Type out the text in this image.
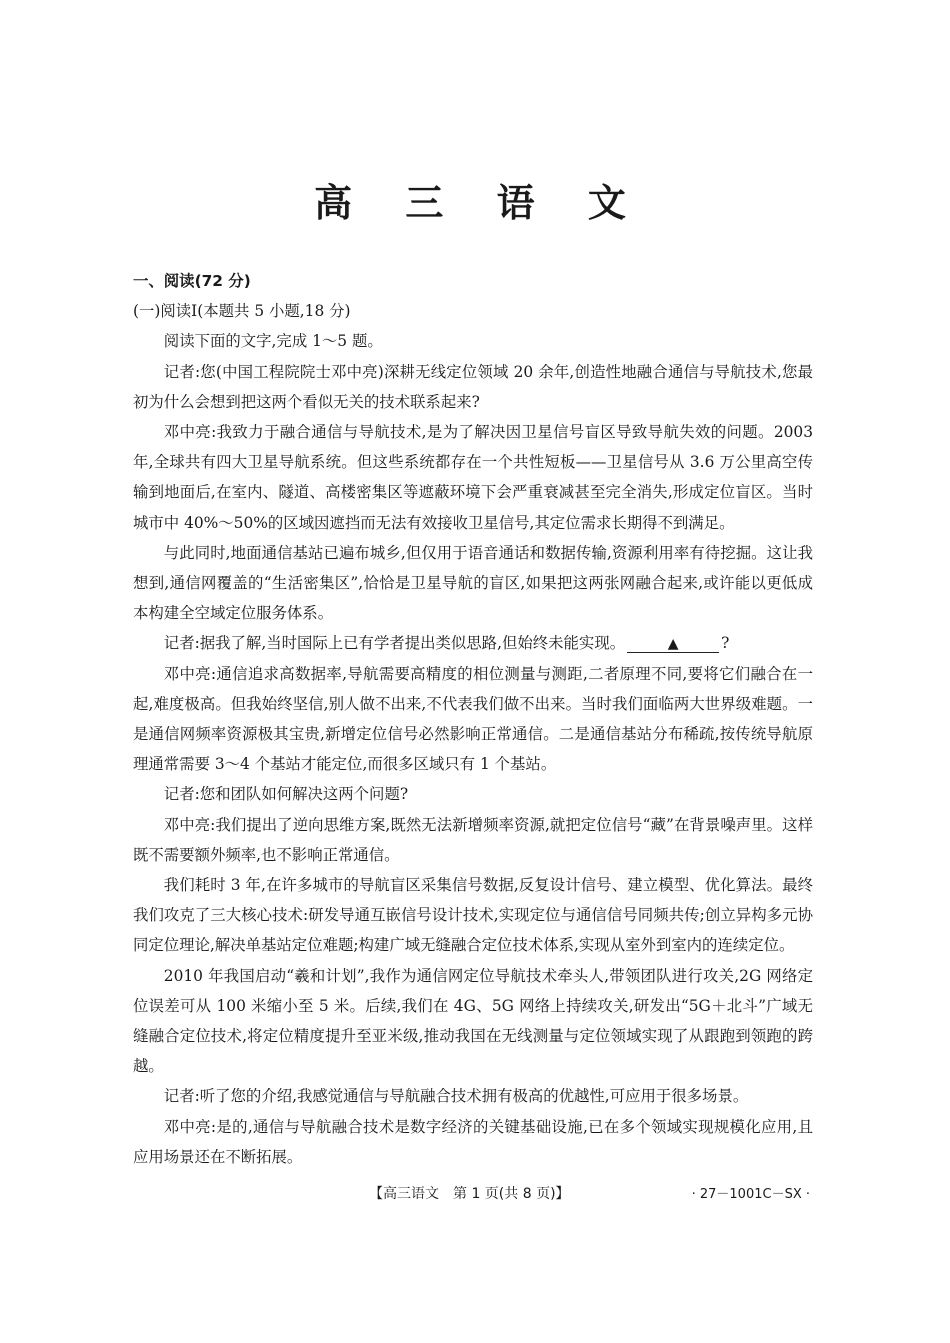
高 三 语 文

一、阅读(72 分)

(一)阅读Ⅰ(本题共 5 小题,18 分)

阅读下面的文字,完成 1～5 题。

记者:您(中国工程院院士邓中亮)深耕无线定位领域 20 余年,创造性地融合通信与导航技术,您最初为什么会想到把这两个看似无关的技术联系起来?

邓中亮:我致力于融合通信与导航技术,是为了解决因卫星信号盲区导致导航失效的问题。2003 年,全球共有四大卫星导航系统。但这些系统都存在一个共性短板——卫星信号从 3.6 万公里高空传输到地面后,在室内、隧道、高楼密集区等遮蔽环境下会严重衰减甚至完全消失,形成定位盲区。当时城市中 40%～50%的区域因遮挡而无法有效接收卫星信号,其定位需求长期得不到满足。

与此同时,地面通信基站已遍布城乡,但仅用于语音通话和数据传输,资源利用率有待挖掘。这让我想到,通信网覆盖的“生活密集区”,恰恰是卫星导航的盲区,如果把这两张网融合起来,或许能以更低成本构建全空域定位服务体系。

记者:据我了解,当时国际上已有学者提出类似思路,但始终未能实现。	▲	?

邓中亮:通信追求高数据率,导航需要高精度的相位测量与测距,二者原理不同,要将它们融合在一起,难度极高。但我始终坚信,别人做不出来,不代表我们做不出来。当时我们面临两大世界级难题。一是通信网频率资源极其宝贵,新增定位信号必然影响正常通信。二是通信基站分布稀疏,按传统导航原理通常需要 3～4 个基站才能定位,而很多区域只有 1 个基站。

记者:您和团队如何解决这两个问题?

邓中亮:我们提出了逆向思维方案,既然无法新增频率资源,就把定位信号“藏”在背景噪声里。这样既不需要额外频率,也不影响正常通信。

我们耗时 3 年,在许多城市的导航盲区采集信号数据,反复设计信号、建立模型、优化算法。最终我们攻克了三大核心技术:研发导通互嵌信号设计技术,实现定位与通信信号同频共传;创立异构多元协同定位理论,解决单基站定位难题;构建广域无缝融合定位技术体系,实现从室外到室内的连续定位。

2010 年我国启动“羲和计划”,我作为通信网定位导航技术牵头人,带领团队进行攻关,2G 网络定位误差可从 100 米缩小至 5 米。后续,我们在 4G、5G 网络上持续攻关,研发出“5G＋北斗”广域无缝融合定位技术,将定位精度提升至亚米级,推动我国在无线测量与定位领域实现了从跟跑到领跑的跨越。

记者:听了您的介绍,我感觉通信与导航融合技术拥有极高的优越性,可应用于很多场景。

邓中亮:是的,通信与导航融合技术是数字经济的关键基础设施,已在多个领域实现规模化应用,且应用场景还在不断拓展。

【高三语文　第 1 页(共 8 页)】	· 27－1001C－SX ·
